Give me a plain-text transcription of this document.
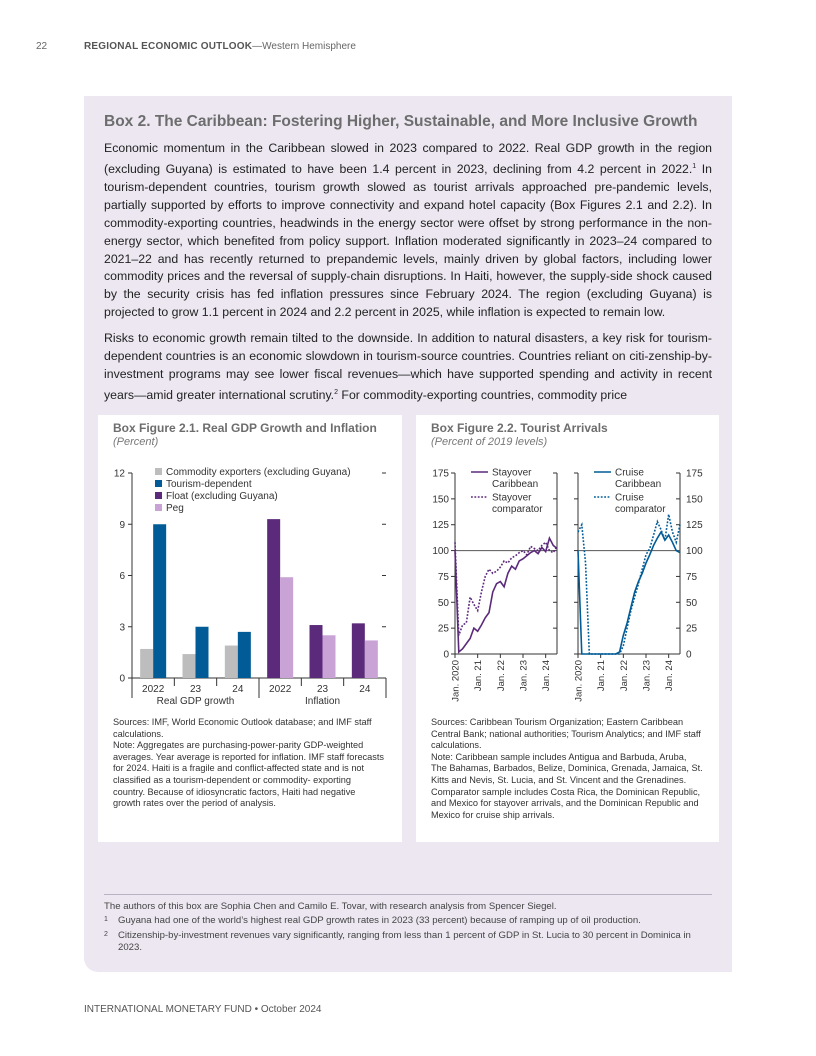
22	REGIONAL ECONOMIC OUTLOOK—Western Hemisphere
Box 2. The Caribbean: Fostering Higher, Sustainable, and More Inclusive Growth

Economic momentum in the Caribbean slowed in 2023 compared to 2022. Real GDP growth in the region (excluding Guyana) is estimated to have been 1.4 percent in 2023, declining from 4.2 percent in 2022.$^1$ In tourism-dependent countries, tourism growth slowed as tourist arrivals approached pre-pandemic levels, partially supported by efforts to improve connectivity and expand hotel capacity (Box Figures 2.1 and 2.2). In commodity-exporting countries, headwinds in the energy sector were offset by strong performance in the non-energy sector, which benefited from policy support. Inflation moderated significantly in 2023–24 compared to 2021–22 and has recently returned to prepandemic levels, mainly driven by global factors, including lower commodity prices and the reversal of supply-chain disruptions. In Haiti, however, the supply-side shock caused by the security crisis has fed inflation pressures since February 2024. The region (excluding Guyana) is projected to grow 1.1 percent in 2024 and 2.2 percent in 2025, while inflation is expected to remain low.

Risks to economic growth remain tilted to the downside. In addition to natural disasters, a key risk for tourism-dependent countries is an economic slowdown in tourism-source countries. Countries reliant on citi-zenship-by-investment programs may see lower fiscal revenues—which have supported spending and activity in recent years—amid greater international scrutiny.$^2$ For commodity-exporting countries, commodity price

Box Figure 2.1. Real GDP Growth and Inflation
(Percent)
0
3
6
9
12
2022	23	24	2022	23	24
Real GDP growth	Inflation
Commodity exporters (excluding Guyana)
Tourism-dependent
Float (excluding Guyana)
Peg

Sources: IMF, World Economic Outlook database; and IMF staff calculations.

Note: Aggregates are purchasing-power-parity GDP-weighted averages. Year average is reported for inflation. IMF staff forecasts for 2024. Haiti is a fragile and conflict-affected state and is not classified as a tourism-dependent or commodity- exporting country. Because of idiosyncratic factors, Haiti had negative growth rates over the period of analysis.

Box Figure 2.2. Tourist Arrivals
(Percent of 2019 levels)
0	0
25	25
50	50
75	75
100	100
125	125
150	150
175	175
Jan. 2020 Jan. 21 Jan. 22 Jan. 23 Jan. 24
Stayover
Caribbean
Stayover
comparator
Jan. 2020 Jan. 21 Jan. 22 Jan. 23 Jan. 24
Cruise
Caribbean
Cruise
comparator

Sources: Caribbean Tourism Organization; Eastern Caribbean Central Bank; national authorities; Tourism Analytics; and IMF staff calculations.

Note: Caribbean sample includes Antigua and Barbuda, Aruba, The Bahamas, Barbados, Belize, Dominica, Grenada, Jamaica, St. Kitts and Nevis, St. Lucia, and St. Vincent and the Grenadines. Comparator sample includes Costa Rica, the Dominican Republic, and Mexico for stayover arrivals, and the Dominican Republic and Mexico for cruise ship arrivals.

The authors of this box are Sophia Chen and Camilo E. Tovar, with research analysis from Spencer Siegel.

1 Guyana had one of the world’s highest real GDP growth rates in 2023 (33 percent) because of ramping up of oil production.

2 Citizenship-by-investment revenues vary significantly, ranging from less than 1 percent of GDP in St. Lucia to 30 percent in Dominica in 2023.

INTERNATIONAL MONETARY FUND • October 2024
